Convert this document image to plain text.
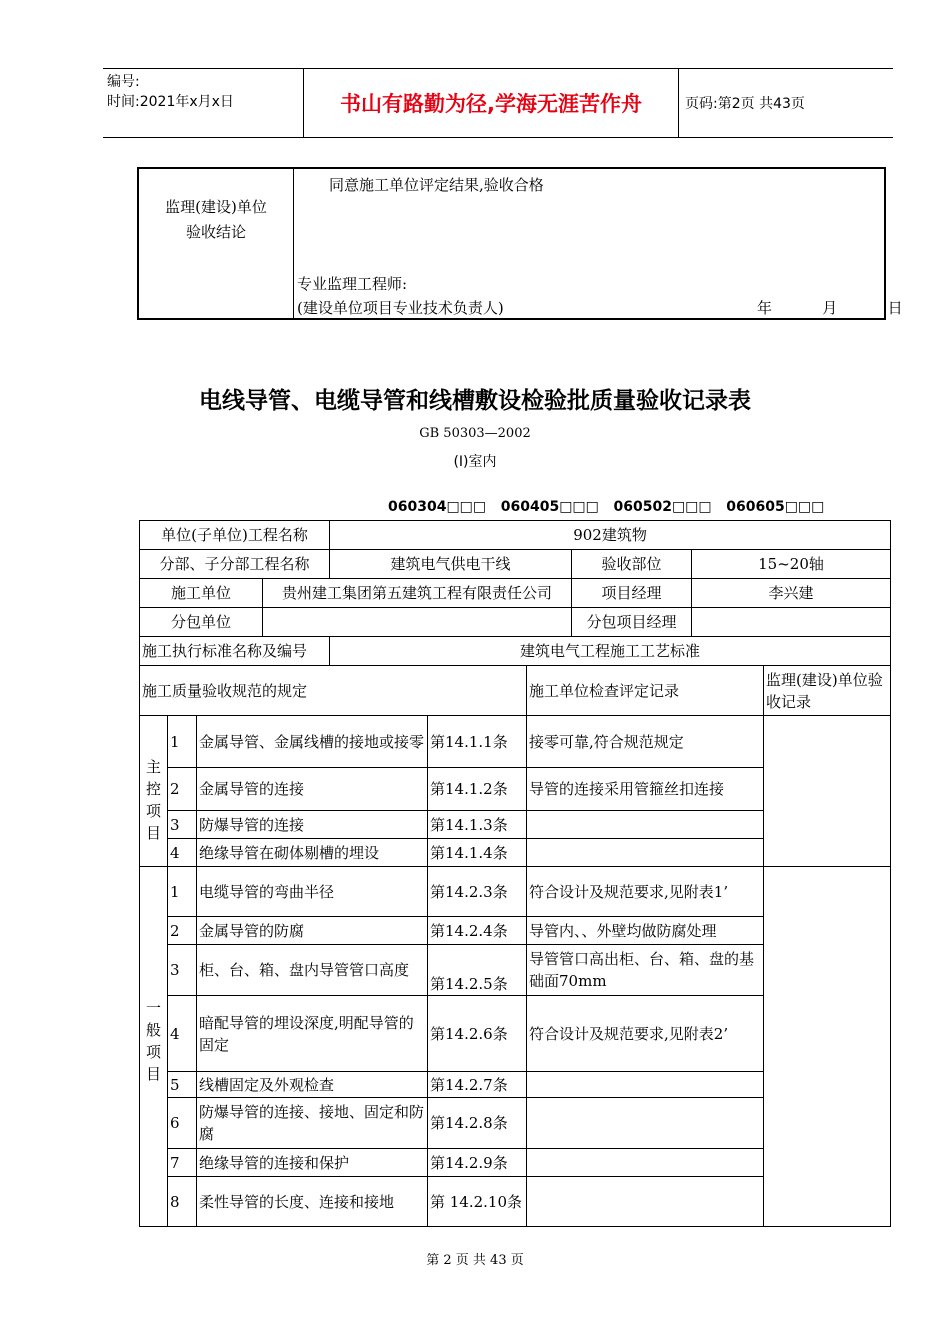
编号:
时间:2021年x月x日	书山有路勤为径,学海无涯苦作舟	页码:第2页 共43页
监理(建设)单位
验收结论
同意施工单位评定结果,验收合格
专业监理工程师:
(建设单位项目专业技术负责人)	年   月   日
电线导管、电缆导管和线槽敷设检验批质量验收记录表
GB 50303—2002
(Ⅰ)室内
060304□□□   060405□□□   060502□□□   060605□□□
单位(子单位)工程名称		902建筑物		
分部、子分部工程名称		建筑电气供电干线	验收部位	15~20轴
施工单位	贵州建工集团第五建筑工程有限责任公司		项目经理	李兴建
分包单位			分包项目经理	
施工执行标准名称及编号		建筑电气工程施工工艺标准		
施工质量验收规范的规定				施工单位检查评定记录	监理(建设)单位验收记录
主控项目	1	金属导管、金属线槽的接地或接零	第14.1.1条	接零可靠,符合规范规定	
	2	金属导管的连接	第14.1.2条	导管的连接采用管箍丝扣连接	
	3	防爆导管的连接	第14.1.3条		
	4	绝缘导管在砌体剔槽的埋设	第14.1.4条		
一般项目	1	电缆导管的弯曲半径	第14.2.3条	符合设计及规范要求,见附表1’	
	2	金属导管的防腐	第14.2.4条	导管内、、外壁均做防腐处理	
	3	柜、台、箱、盘内导管管口高度	第14.2.5条	导管管口高出柜、台、箱、盘的基础面70mm	
	4	暗配导管的埋设深度,明配导管的固定	第14.2.6条	符合设计及规范要求,见附表2’	
	5	线槽固定及外观检查	第14.2.7条		
	6	防爆导管的连接、接地、固定和防腐	第14.2.8条		
	7	绝缘导管的连接和保护	第14.2.9条		
	8	柔性导管的长度、连接和接地	第 14.2.10条		
第 2 页 共 43 页
